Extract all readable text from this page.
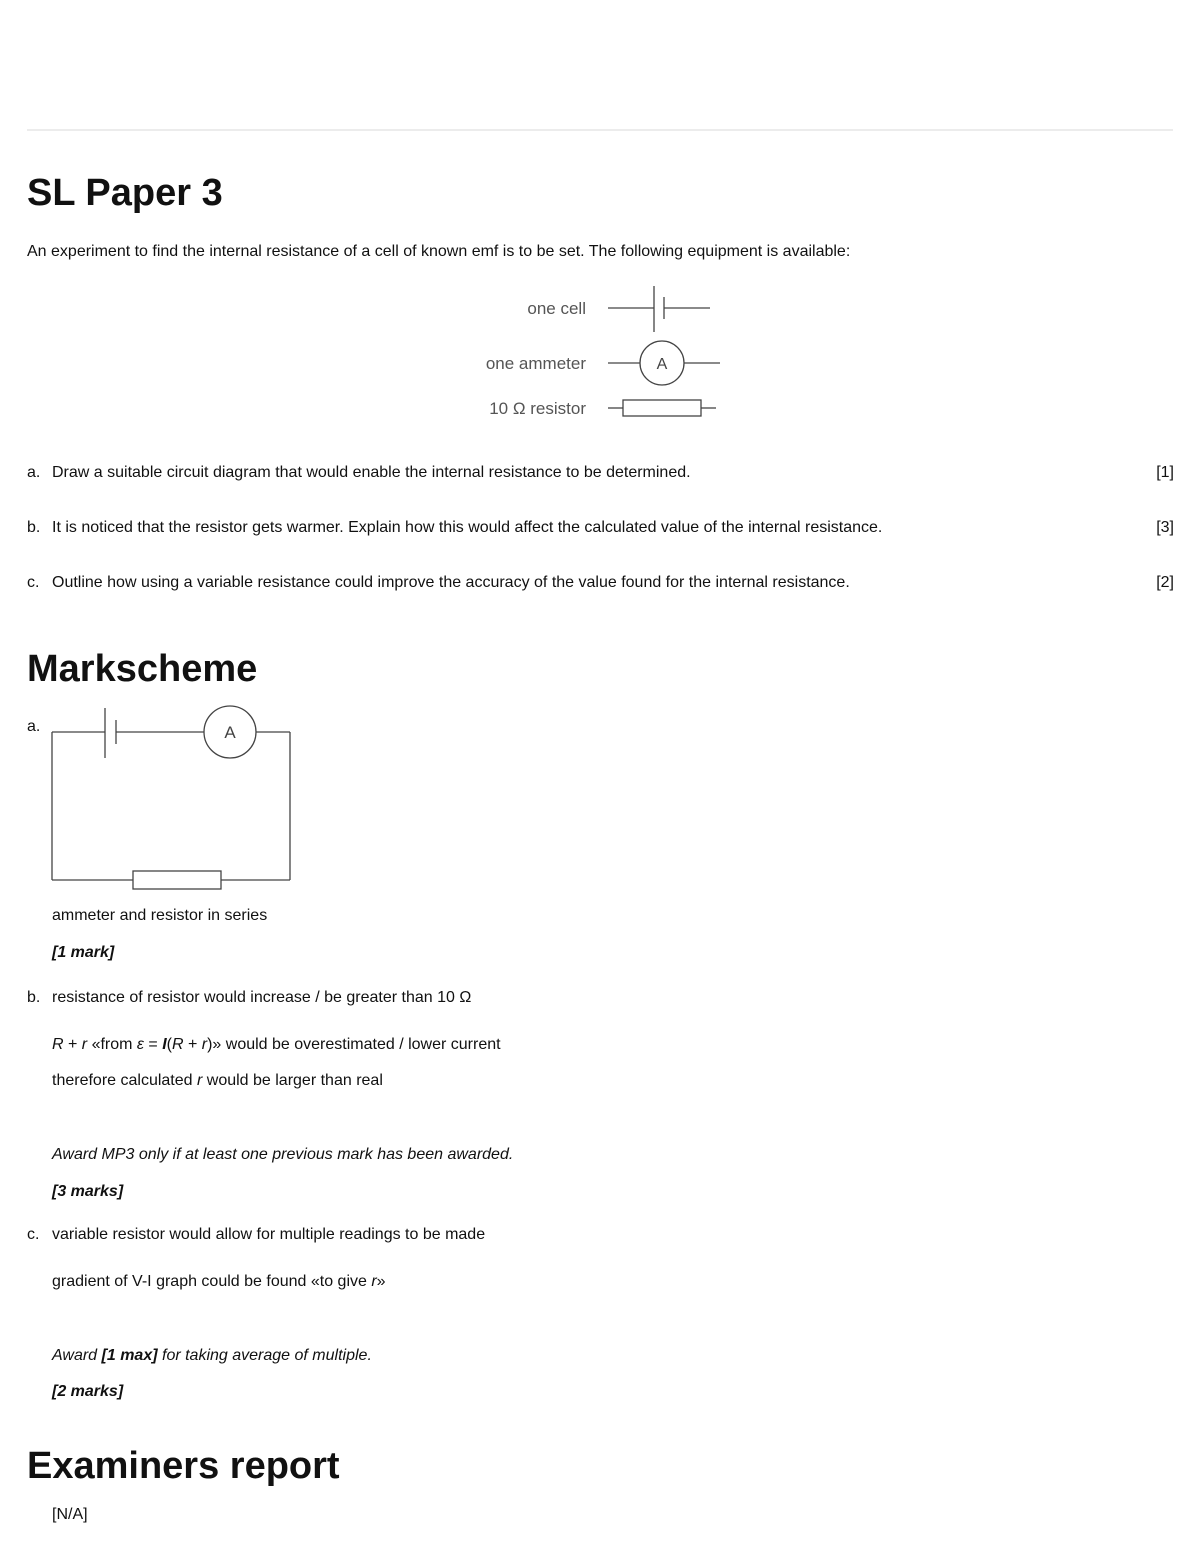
SL Paper 3
An experiment to find the internal resistance of a cell of known emf is to be set. The following equipment is available:
one cell
one ammeter	A
10 Ω resistor
a. Draw a suitable circuit diagram that would enable the internal resistance to be determined.	[1]
b. It is noticed that the resistor gets warmer. Explain how this would affect the calculated value of the internal resistance.	[3]
c. Outline how using a variable resistance could improve the accuracy of the value found for the internal resistance.	[2]
Markscheme
a.	A
ammeter and resistor in series
[1 mark]
b. resistance of resistor would increase / be greater than 10 Ω
R + r «from ε = I(R + r)» would be overestimated / lower current
therefore calculated r would be larger than real
Award MP3 only if at least one previous mark has been awarded.
[3 marks]
c. variable resistor would allow for multiple readings to be made
gradient of V-I graph could be found «to give r»
Award [1 max] for taking average of multiple.
[2 marks]
Examiners report
[N/A]
